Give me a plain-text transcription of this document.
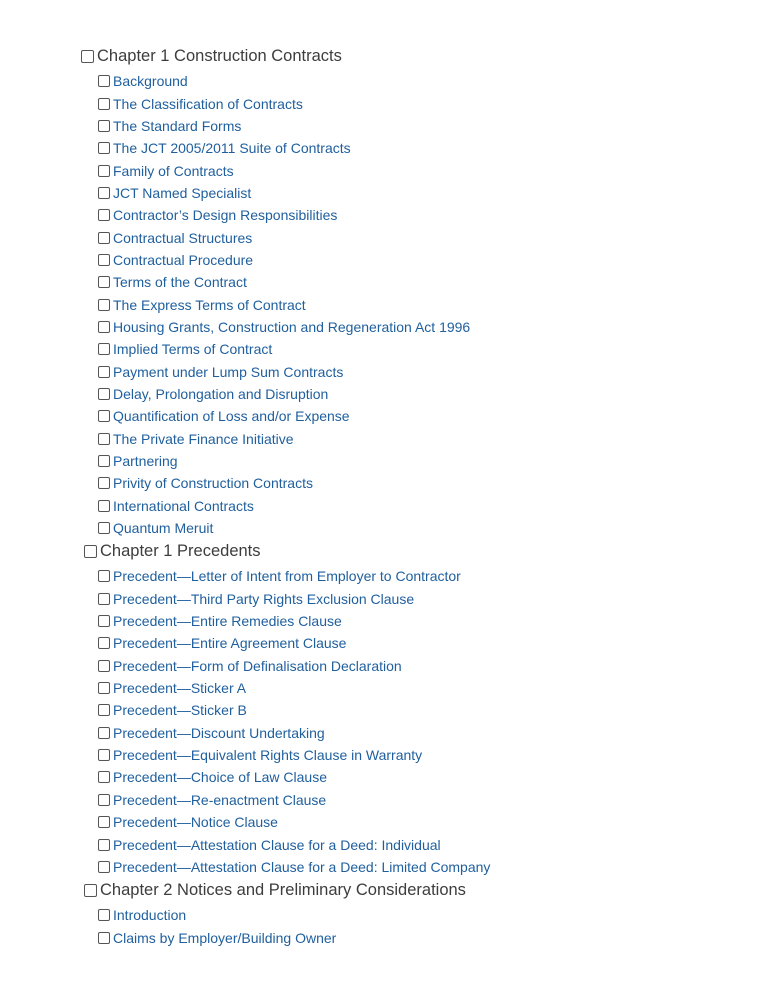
Chapter 1 Construction Contracts
Background
The Classification of Contracts
The Standard Forms
The JCT 2005/2011 Suite of Contracts
Family of Contracts
JCT Named Specialist
Contractor’s Design Responsibilities
Contractual Structures
Contractual Procedure
Terms of the Contract
The Express Terms of Contract
Housing Grants, Construction and Regeneration Act 1996
Implied Terms of Contract
Payment under Lump Sum Contracts
Delay, Prolongation and Disruption
Quantification of Loss and/or Expense
The Private Finance Initiative
Partnering
Privity of Construction Contracts
International Contracts
Quantum Meruit
Chapter 1 Precedents
Precedent—Letter of Intent from Employer to Contractor
Precedent—Third Party Rights Exclusion Clause
Precedent—Entire Remedies Clause
Precedent—Entire Agreement Clause
Precedent—Form of Definalisation Declaration
Precedent—Sticker A
Precedent—Sticker B
Precedent—Discount Undertaking
Precedent—Equivalent Rights Clause in Warranty
Precedent—Choice of Law Clause
Precedent—Re-enactment Clause
Precedent—Notice Clause
Precedent—Attestation Clause for a Deed: Individual
Precedent—Attestation Clause for a Deed: Limited Company
Chapter 2 Notices and Preliminary Considerations
Introduction
Claims by Employer/Building Owner
